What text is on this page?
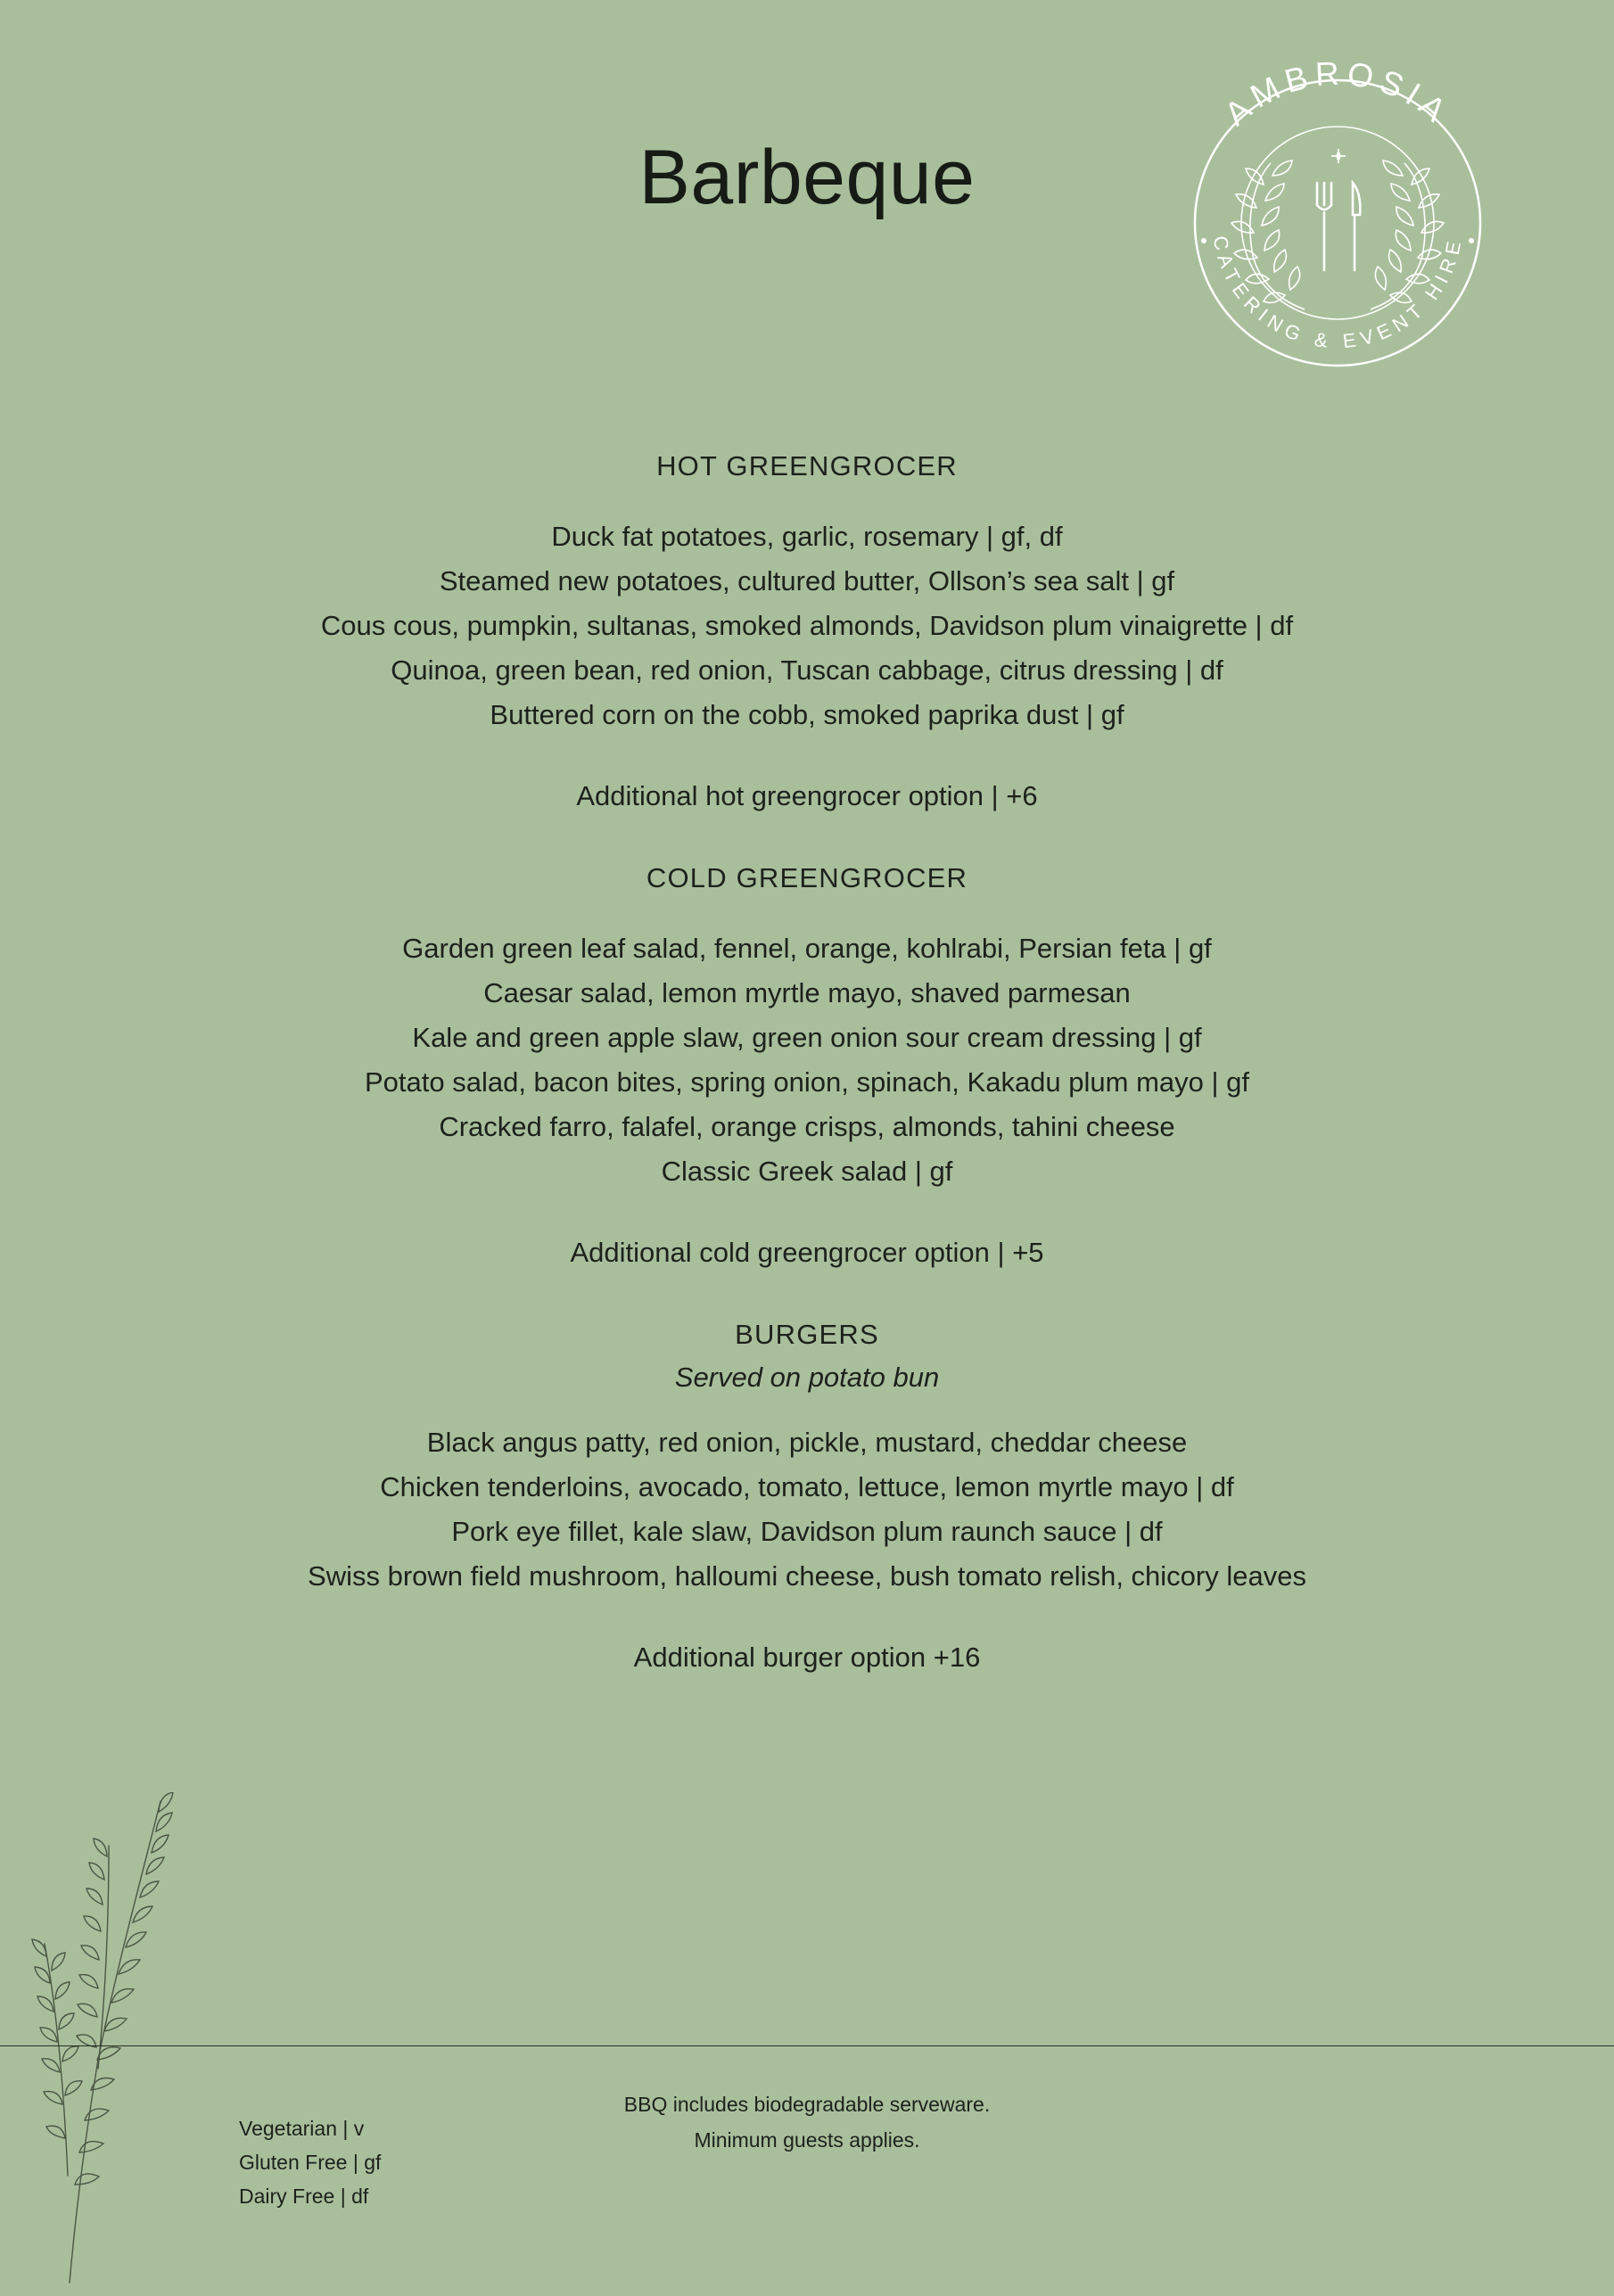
Barbeque
AMBROSIA
CATERING & EVENT HIRE
HOT GREENGROCER
Duck fat potatoes, garlic, rosemary | gf, df
Steamed new potatoes, cultured butter, Ollson’s sea salt | gf
Cous cous, pumpkin, sultanas, smoked almonds, Davidson plum vinaigrette | df
Quinoa, green bean, red onion, Tuscan cabbage, citrus dressing | df
Buttered corn on the cobb, smoked paprika dust | gf
Additional hot greengrocer option | +6
COLD GREENGROCER
Garden green leaf salad, fennel, orange, kohlrabi, Persian feta | gf
Caesar salad, lemon myrtle mayo, shaved parmesan
Kale and green apple slaw, green onion sour cream dressing | gf
Potato salad, bacon bites, spring onion, spinach, Kakadu plum mayo | gf
Cracked farro, falafel, orange crisps, almonds, tahini cheese
Classic Greek salad | gf
Additional cold greengrocer option | +5
BURGERS
Served on potato bun
Black angus patty, red onion, pickle, mustard, cheddar cheese
Chicken tenderloins, avocado, tomato, lettuce, lemon myrtle mayo | df
Pork eye fillet, kale slaw, Davidson plum raunch sauce | df
Swiss brown field mushroom, halloumi cheese, bush tomato relish, chicory leaves
Additional burger option +16
BBQ includes biodegradable serveware.
Minimum guests applies.
Vegetarian | v
Gluten Free | gf
Dairy Free | df
